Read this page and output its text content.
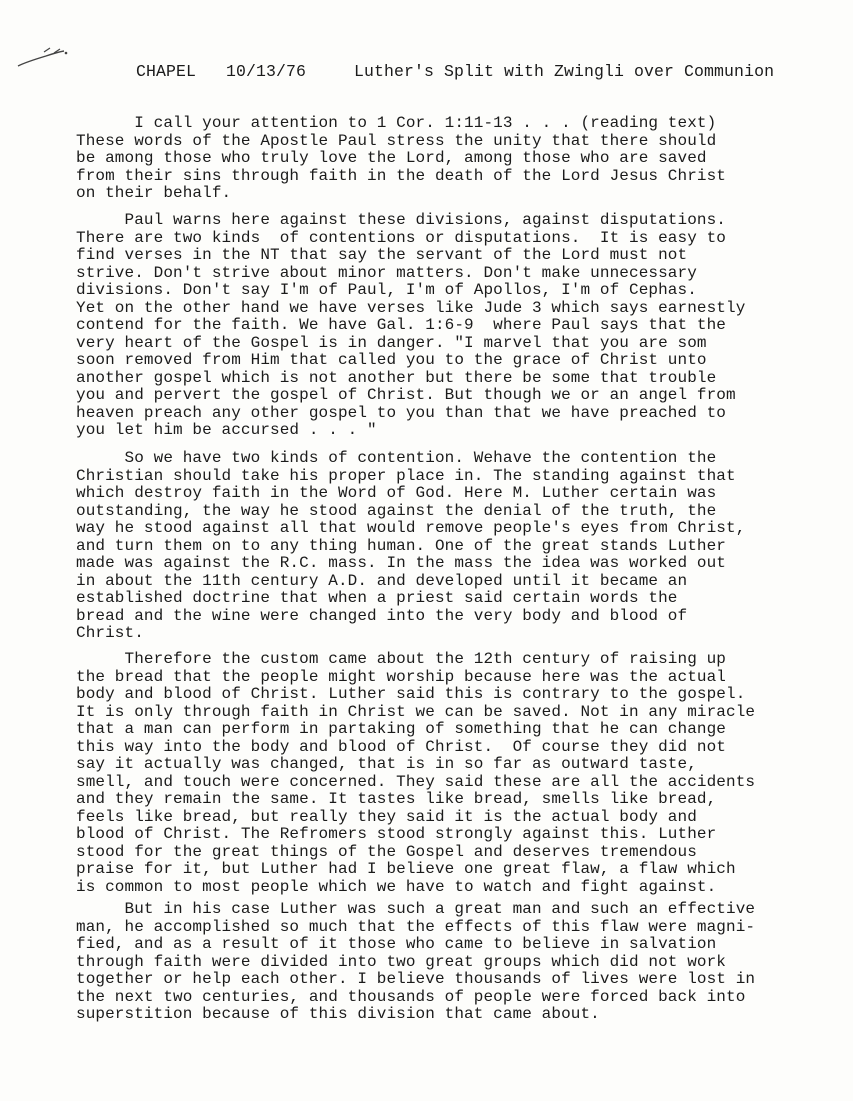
CHAPEL

10/13/76

	Luther's Split with Zwingli over Communion

I call your attention to 1 Cor. 1:11-13 . . . (reading text)
These words of the Apostle Paul stress the unity that there should
be among those who truly love the Lord, among those who are saved
from their sins through faith in the death of the Lord Jesus Christ
on their behalf.
Paul warns here against these divisions, against disputations.
There are two kinds  of contentions or disputations.  It is easy to
find verses in the NT that say the servant of the Lord must not
strive. Don't strive about minor matters. Don't make unnecessary
divisions. Don't say I'm of Paul, I'm of Apollos, I'm of Cephas.
Yet on the other hand we have verses like Jude 3 which says earnestly
contend for the faith. We have Gal. 1:6-9  where Paul says that the
very heart of the Gospel is in danger. "I marvel that you are som
soon removed from Him that called you to the grace of Christ unto
another gospel which is not another but there be some that trouble
you and pervert the gospel of Christ. But though we or an angel from
heaven preach any other gospel to you than that we have preached to
you let him be accursed . . . "
So we have two kinds of contention. Wehave the contention the
Christian should take his proper place in. The standing against that
which destroy faith in the Word of God. Here M. Luther certain was
outstanding, the way he stood against the denial of the truth, the
way he stood against all that would remove people's eyes from Christ,
and turn them on to any thing human. One of the great stands Luther
made was against the R.C. mass. In the mass the idea was worked out
in about the 11th century A.D. and developed until it became an
established doctrine that when a priest said certain words the
bread and the wine were changed into the very body and blood of
Christ.
Therefore the custom came about the 12th century of raising up
the bread that the people might worship because here was the actual
body and blood of Christ. Luther said this is contrary to the gospel.
It is only through faith in Christ we can be saved. Not in any miracle
that a man can perform in partaking of something that he can change
this way into the body and blood of Christ.  Of course they did not
say it actually was changed, that is in so far as outward taste,
smell, and touch were concerned. They said these are all the accidents
and they remain the same. It tastes like bread, smells like bread,
feels like bread, but really they said it is the actual body and
blood of Christ. The Refromers stood strongly against this. Luther
stood for the great things of the Gospel and deserves tremendous
praise for it, but Luther had I believe one great flaw, a flaw which
is common to most people which we have to watch and fight against.
But in his case Luther was such a great man and such an effective
man, he accomplished so much that the effects of this flaw were magni-
fied, and as a result of it those who came to believe in salvation
through faith were divided into two great groups which did not work
together or help each other. I believe thousands of lives were lost in
the next two centuries, and thousands of people were forced back into
superstition because of this division that came about.
